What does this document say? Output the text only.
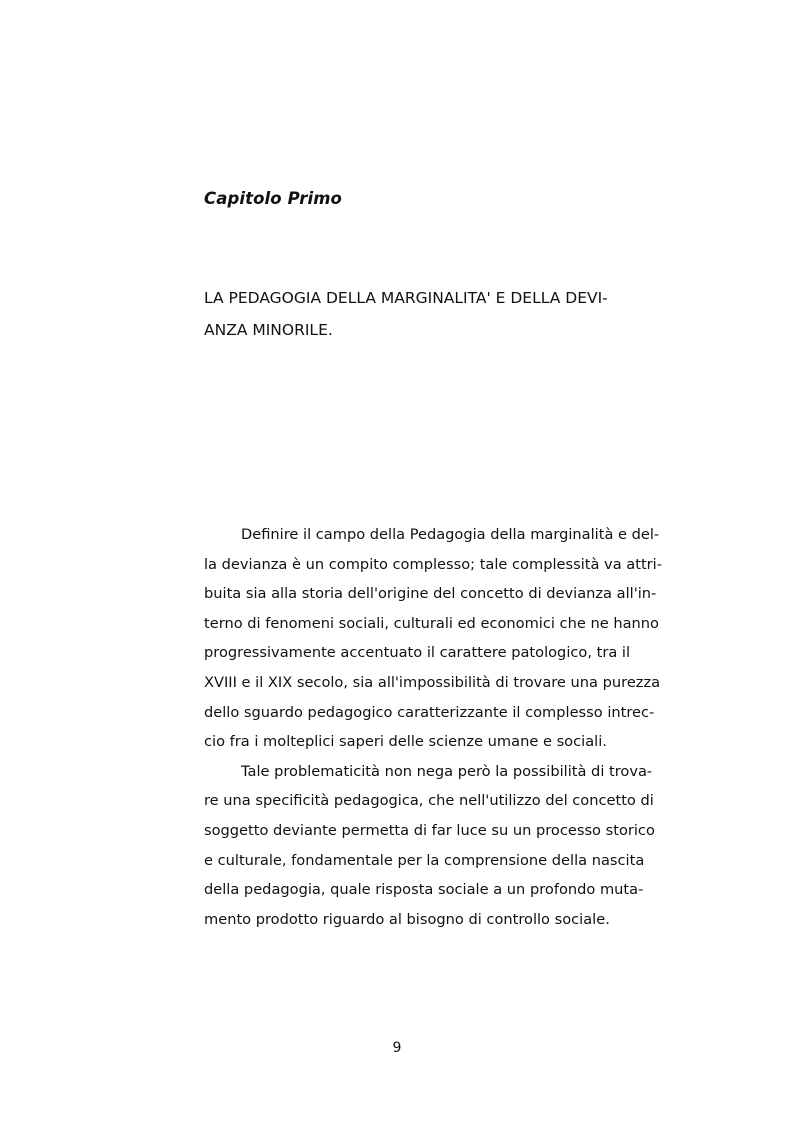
Capitolo Primo

LA PEDAGOGIA DELLA MARGINALITA' E DELLA DEVI-
ANZA MINORILE.
Definire il campo della Pedagogia della marginalità e del-
la devianza è un compito complesso; tale complessità va attri-
buita sia alla storia dell'origine del concetto di devianza all'in-
terno di fenomeni sociali, culturali ed economici che ne hanno
progressivamente accentuato il carattere patologico, tra il
XVIII e il XIX secolo, sia all'impossibilità di trovare una purezza
dello sguardo pedagogico caratterizzante il complesso intrec-
cio fra i molteplici saperi delle scienze umane e sociali.
Tale problematicità non nega però la possibilità di trova-
re una specificità pedagogica, che nell'utilizzo del concetto di
soggetto deviante permetta di far luce su un processo storico
e culturale, fondamentale per la comprensione della nascita
della pedagogia, quale risposta sociale a un profondo muta-
mento prodotto riguardo al bisogno di controllo sociale.

9
